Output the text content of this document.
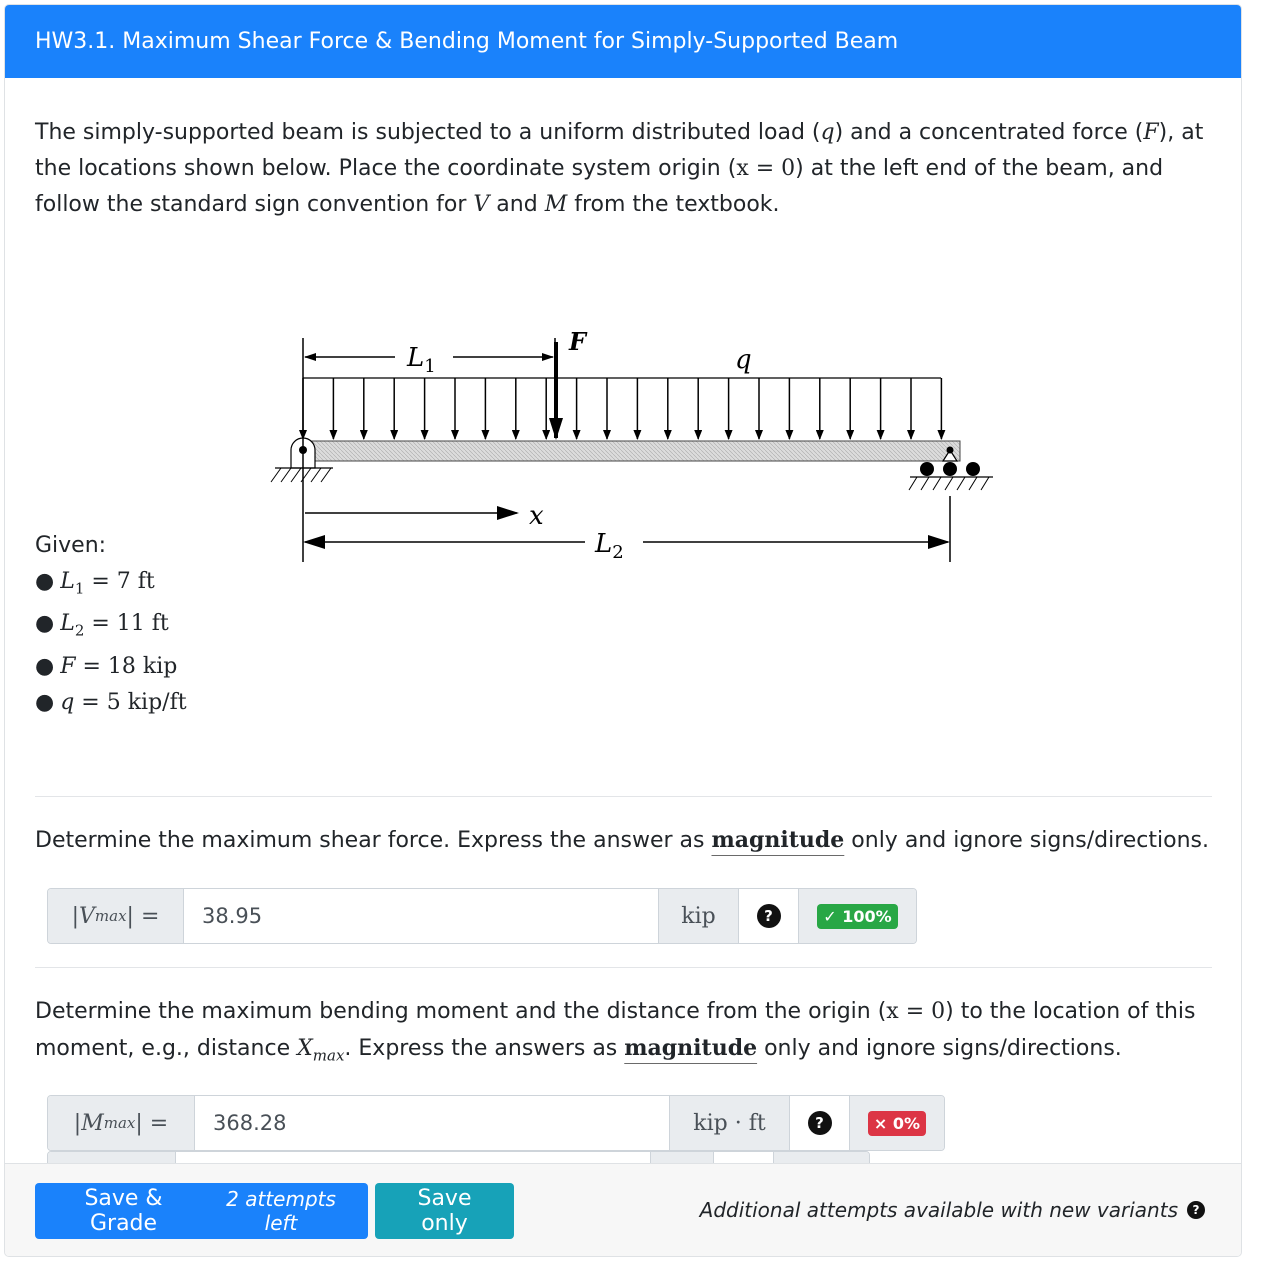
HW3.1. Maximum Shear Force & Bending Moment for Simply-Supported Beam

The simply-supported beam is subjected to a uniform distributed load (q) and a concentrated force (F), at the locations shown below. Place the coordinate system origin (x = 0) at the left end of the beam, and follow the standard sign convention for V and M from the textbook.

$L_1$	q
F
x
$L_2$
Given:
● $L_1 = 7$ ft
● $L_2 = 11$ ft
● F = 18 kip
● q = 5 kip/ft

Determine the maximum shear force. Express the answer as magnitude only and ignore signs/directions.

|V max | =
38.95	kip	?	✓ 100%

Determine the maximum bending moment and the distance from the origin (x = 0) to the location of this moment, e.g., distance $X_{max}$. Express the answers as magnitude only and ignore signs/directions.

|M max | =
368.28	kip · ft	?	× 0%
7
Save & Grade
2 attempts left
Save only
Additional attempts available with new variants	?
